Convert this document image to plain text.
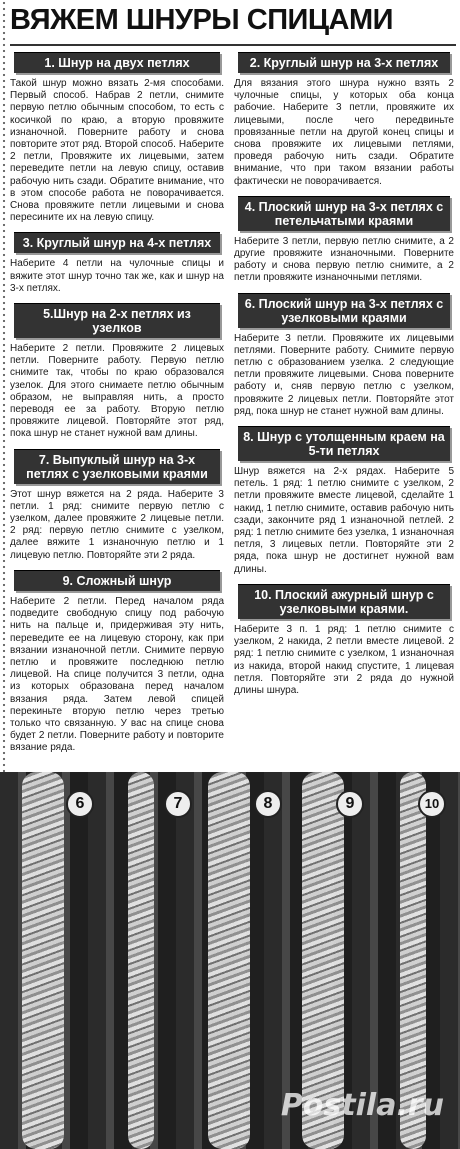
ВЯЖЕМ ШНУРЫ СПИЦАМИ
1. Шнур на двух петлях

Такой шнур можно вязать 2-мя способами. Первый способ. Набрав 2 петли, снимите первую петлю обычным способом, то есть с косичкой по краю, а вторую провяжите изнаночной. Поверните работу и снова повторите этот ряд. Второй способ. Наберите 2 петли, Провяжите их лицевыми, затем переведите петли на левую спицу, оставив рабочую нить сзади. Обратите внимание, что в этом способе работа не поворачивается. Снова провяжите петли лицевыми и снова пересините их на левую спицу.

3. Круглый шнур на 4-х петлях

Наберите 4 петли на чулочные спицы и вяжите этот шнур точно так же, как и шнур на 3-х петлях.

5.Шнур на 2-х петлях из узелков

Наберите 2 петли. Провяжите 2 лицевых петли. Поверните работу. Первую петлю снимите так, чтобы по краю образовался узелок. Для этого снимаете петлю обычным образом, не выправляя нить, а просто переводя ее за работу. Вторую петлю провяжите лицевой. Повторяйте этот ряд, пока шнур не станет нужной вам длины.

7. Выпуклый шнур на 3-х петлях с узелковыми краями

Этот шнур вяжется на 2 ряда. Наберите 3 петли. 1 ряд: снимите первую петлю с узелком, далее провяжите 2 лицевые петли. 2 ряд: первую петлю снимите с узелком, далее вяжите 1 изнаночную петлю и 1 лицевую петлю. Повторяйте эти 2 ряда.

9. Сложный шнур

Наберите 2 петли. Перед началом ряда подведите свободную спицу под рабочую нить на пальце и, придерживая эту нить, переведите ее на лицевую сторону, как при вязании изнаночной петли. Снимите первую петлю и провяжите последнюю петлю лицевой. На спице получится 3 петли, одна из которых образована перед началом вязания ряда. Затем левой спицей перекиньте вторую петлю через третью только что связанную. У вас на спице снова будет 2 петли. Поверните работу и повторите вязание ряда.

2. Круглый шнур на 3-х петлях

Для вязания этого шнура нужно взять 2 чулочные спицы, у которых оба конца рабочие. Наберите 3 петли, провяжите их лицевыми, после чего передвиньте провязанные петли на другой конец спицы и снова провяжите их лицевыми петлями, проведя рабочую нить сзади. Обратите внимание, что при таком вязании работы фактически не поворачивается.

4. Плоский шнур на 3-х петлях с петельчатыми краями

Наберите 3 петли, первую петлю снимите, а 2 другие провяжите изнаночными. Поверните работу и снова первую петлю снимите, а 2 петли провяжите изнаночными петлями.

6. Плоский шнур на 3-х петлях с узелковыми краями

Наберите 3 петли. Провяжите их лицевыми петлями. Поверните работу. Снимите первую петлю с образованием узелка. 2 следующие петли провяжите лицевыми. Снова поверните работу и, сняв первую петлю с узелком, провяжите 2 лицевых петли. Повторяйте этот ряд, пока шнур не станет нужной вам длины.

8. Шнур с утолщенным краем на 5-ти петлях

Шнур вяжется на 2-х рядах. Наберите 5 петель. 1 ряд: 1 петлю снимите с узелком, 2 петли провяжите вместе лицевой, сделайте 1 накид, 1 петлю снимите, оставив рабочую нить сзади, закончите ряд 1 изнаночной петлей. 2 ряд: 1 петлю снимите без узелка, 1 изнаночная петля, 3 лицевых петли. Повторяйте эти 2 ряда, пока шнур не достигнет нужной вам длины.

10. Плоский ажурный шнур с узелковыми краями.

Наберите 3 п. 1 ряд: 1 петлю снимите с узелком, 2 накида, 2 петли вместе лицевой. 2 ряд: 1 петлю снимите с узелком, 1 изнаночная из накида, второй накид спустите, 1 лицевая петля. Повторяйте эти 2 ряда до нужной длины шнура.

6	7	8	9	10
Postila.ru
